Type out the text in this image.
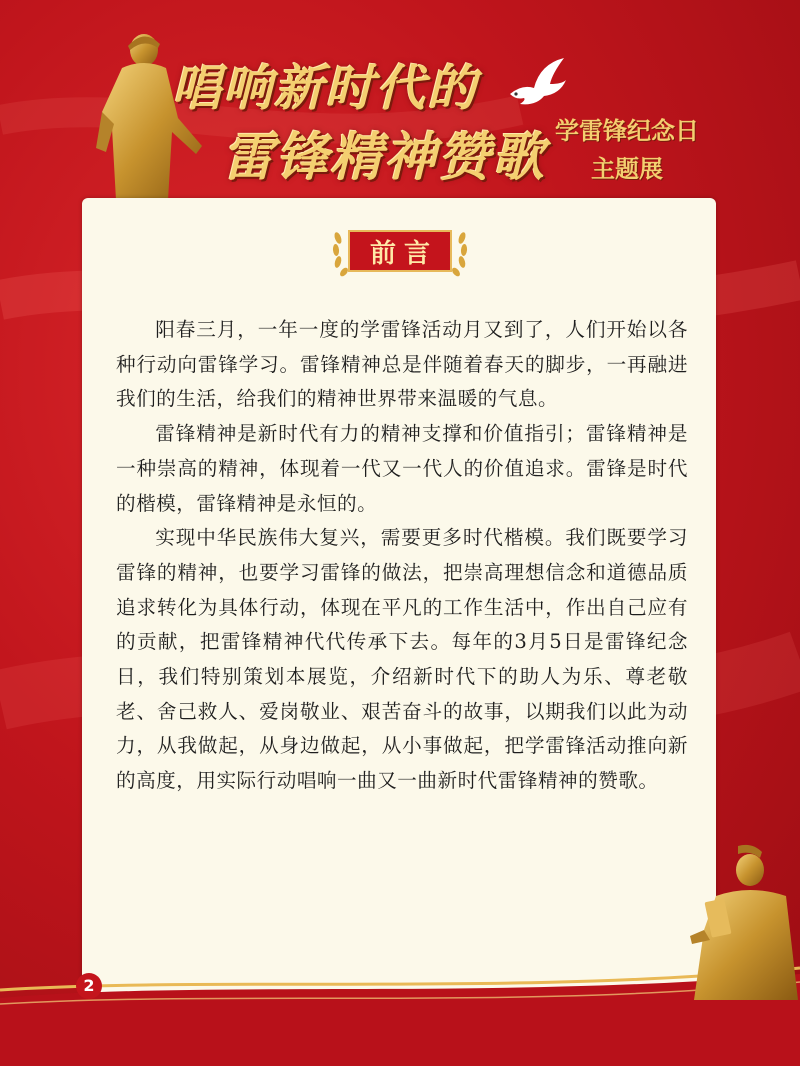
唱响新时代的
雷锋精神赞歌 学雷锋纪念日
主题展
前言

阳春三月，一年一度的学雷锋活动月又到了，人们开始以各种行动向雷锋学习。雷锋精神总是伴随着春天的脚步，一再融进我们的生活，给我们的精神世界带来温暖的气息。

雷锋精神是新时代有力的精神支撑和价值指引；雷锋精神是一种崇高的精神，体现着一代又一代人的价值追求。雷锋是时代的楷模，雷锋精神是永恒的。

实现中华民族伟大复兴，需要更多时代楷模。我们既要学习雷锋的精神，也要学习雷锋的做法，把崇高理想信念和道德品质追求转化为具体行动，体现在平凡的工作生活中，作出自己应有的贡献，把雷锋精神代代传承下去。每年的3月5日是雷锋纪念日，我们特别策划本展览，介绍新时代下的助人为乐、尊老敬老、舍己救人、爱岗敬业、艰苦奋斗的故事，以期我们以此为动力，从我做起，从身边做起，从小事做起，把学雷锋活动推向新的高度，用实际行动唱响一曲又一曲新时代雷锋精神的赞歌。

2
